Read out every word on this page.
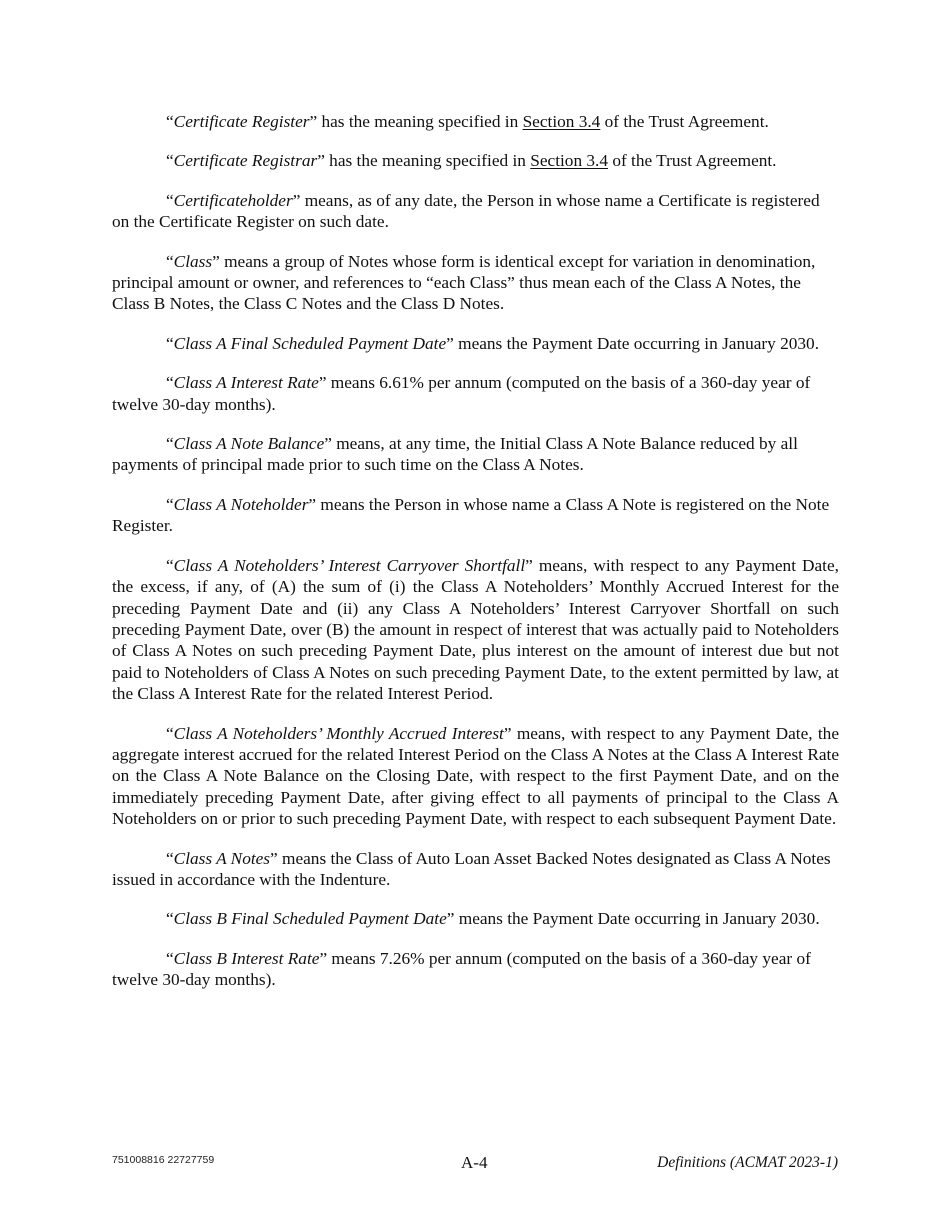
“Certificate Register” has the meaning specified in Section 3.4 of the Trust Agreement.

“Certificate Registrar” has the meaning specified in Section 3.4 of the Trust Agreement.

“Certificateholder” means, as of any date, the Person in whose name a Certificate is registered on the Certificate Register on such date.

“Class” means a group of Notes whose form is identical except for variation in denomination, principal amount or owner, and references to “each Class” thus mean each of the Class A Notes, the Class B Notes, the Class C Notes and the Class D Notes.

“Class A Final Scheduled Payment Date” means the Payment Date occurring in January 2030.

“Class A Interest Rate” means 6.61% per annum (computed on the basis of a 360-day year of twelve 30-day months).

“Class A Note Balance” means, at any time, the Initial Class A Note Balance reduced by all payments of principal made prior to such time on the Class A Notes.

“Class A Noteholder” means the Person in whose name a Class A Note is registered on the Note Register.

“Class A Noteholders’ Interest Carryover Shortfall” means, with respect to any Payment Date, the excess, if any, of (A) the sum of (i) the Class A Noteholders’ Monthly Accrued Interest for the preceding Payment Date and (ii) any Class A Noteholders’ Interest Carryover Shortfall on such preceding Payment Date, over (B) the amount in respect of interest that was actually paid to Noteholders of Class A Notes on such preceding Payment Date, plus interest on the amount of interest due but not paid to Noteholders of Class A Notes on such preceding Payment Date, to the extent permitted by law, at the Class A Interest Rate for the related Interest Period.

“Class A Noteholders’ Monthly Accrued Interest” means, with respect to any Payment Date, the aggregate interest accrued for the related Interest Period on the Class A Notes at the Class A Interest Rate on the Class A Note Balance on the Closing Date, with respect to the first Payment Date, and on the immediately preceding Payment Date, after giving effect to all payments of principal to the Class A Noteholders on or prior to such preceding Payment Date, with respect to each subsequent Payment Date.

“Class A Notes” means the Class of Auto Loan Asset Backed Notes designated as Class A Notes issued in accordance with the Indenture.

“Class B Final Scheduled Payment Date” means the Payment Date occurring in January 2030.

“Class B Interest Rate” means 7.26% per annum (computed on the basis of a 360-day year of twelve 30-day months).

751008816 22727759	A-4	Definitions (ACMAT 2023-1)
